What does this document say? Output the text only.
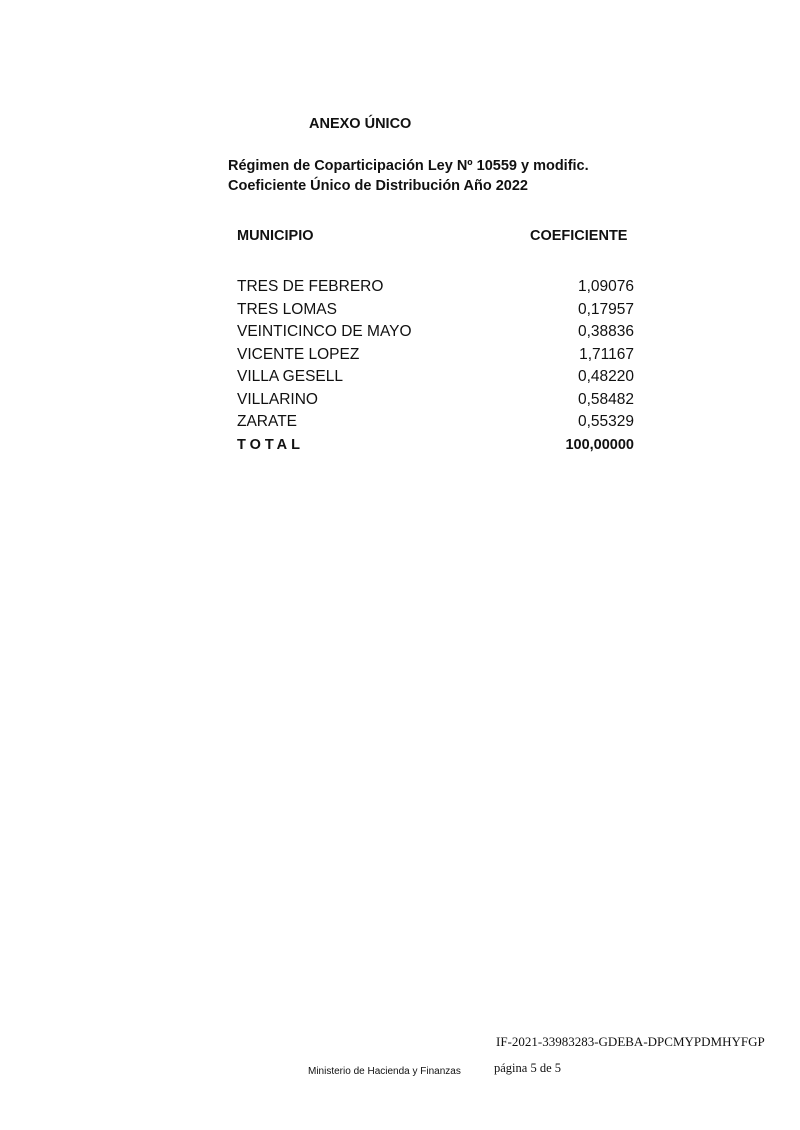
ANEXO ÚNICO
Régimen de Coparticipación Ley Nº 10559 y modific.
Coeficiente Único de Distribución Año 2022
MUNICIPIO	COEFICIENTE
TRES DE FEBRERO	1,09076
TRES LOMAS	0,17957
VEINTICINCO DE MAYO	0,38836
VICENTE LOPEZ	1,71167
VILLA GESELL	0,48220
VILLARINO	0,58482
ZARATE	0,55329
TOTAL	100,00000
IF-2021-33983283-GDEBA-DPCMYPDMHYFGP
Ministerio de Hacienda y Finanzas	página 5 de 5
